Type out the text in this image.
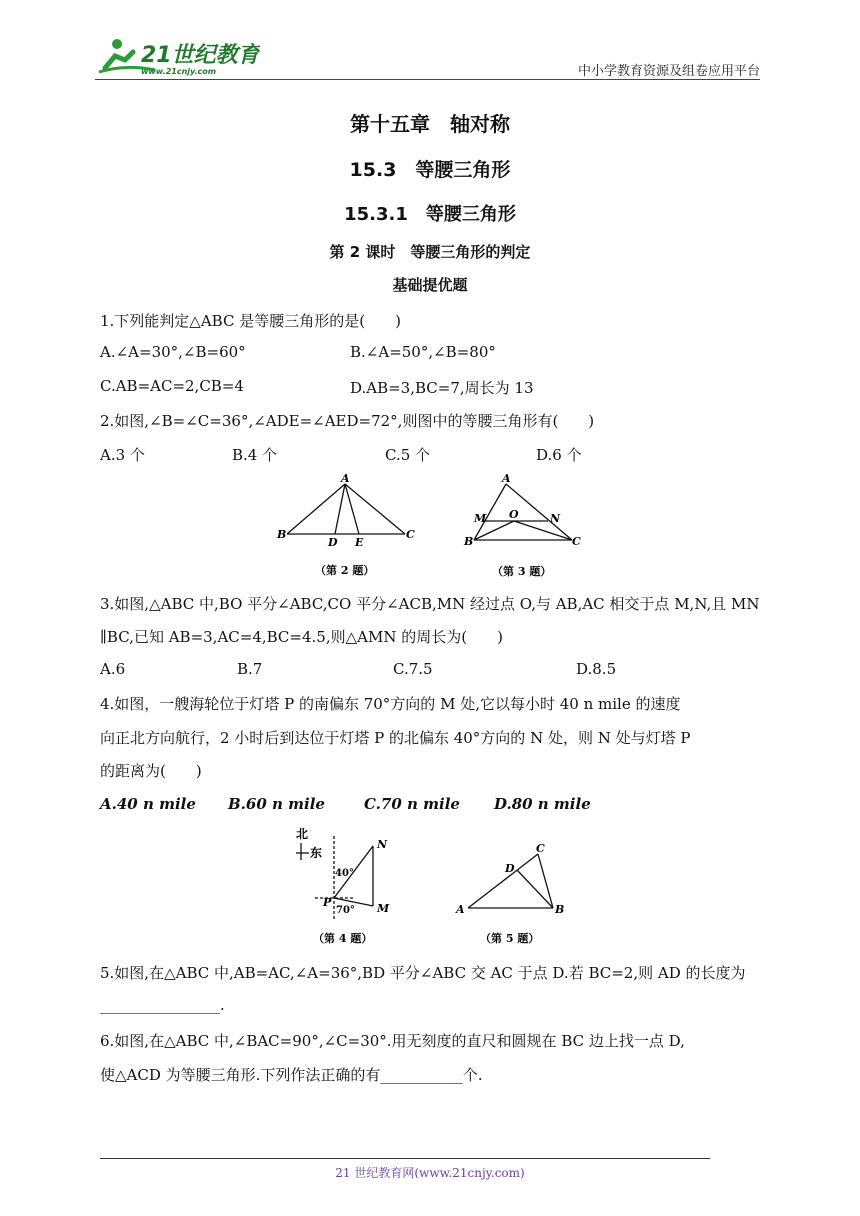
21世纪教育
www.21cnjy.com	中小学教育资源及组卷应用平台
第十五章　轴对称
15.3　等腰三角形
15.3.1　等腰三角形
第 2 课时　等腰三角形的判定
基础提优题
1.下列能判定△ABC 是等腰三角形的是(　　)
A.∠A=30°,∠B=60°	B.∠A=50°,∠B=80°
C.AB=AC=2,CB=4	D.AB=3,BC=7,周长为 13
2.如图,∠B=∠C=36°,∠ADE=∠AED=72°,则图中的等腰三角形有(　　)
A.3 个	B.4 个	C.5 个	D.6 个
A
B	C
D E
（第 2 题）
A
B	C
M	N
O
（第 3 题）
3.如图,△ABC 中,BO 平分∠ABC,CO 平分∠ACB,MN 经过点 O,与 AB,AC 相交于点 M,N,且 MN
∥BC,已知 AB=3,AC=4,BC=4.5,则△AMN 的周长为(　　)
A.6	B.7	C.7.5	D.8.5
4.如图，一艘海轮位于灯塔 P 的南偏东 70°方向的 M 处,它以每小时 40 n mile 的速度
向正北方向航行，2 小时后到达位于灯塔 P 的北偏东 40°方向的 N 处，则 N 处与灯塔 P
的距离为(　　)
A.40 n mile B.60 n mile	C.70 n mile D.80 n mile
北
东
40°
70°
N
P	M
（第 4 题）
A	B
C
D
（第 5 题）
5.如图,在△ABC 中,AB=AC,∠A=36°,BD 平分∠ABC 交 AC 于点 D.若 BC=2,则 AD 的长度为
________________.
6.如图,在△ABC 中,∠BAC=90°,∠C=30°.用无刻度的直尺和圆规在 BC 边上找一点 D,
使△ACD 为等腰三角形.下列作法正确的有___________个.
21 世纪教育网(www.21cnjy.com)
